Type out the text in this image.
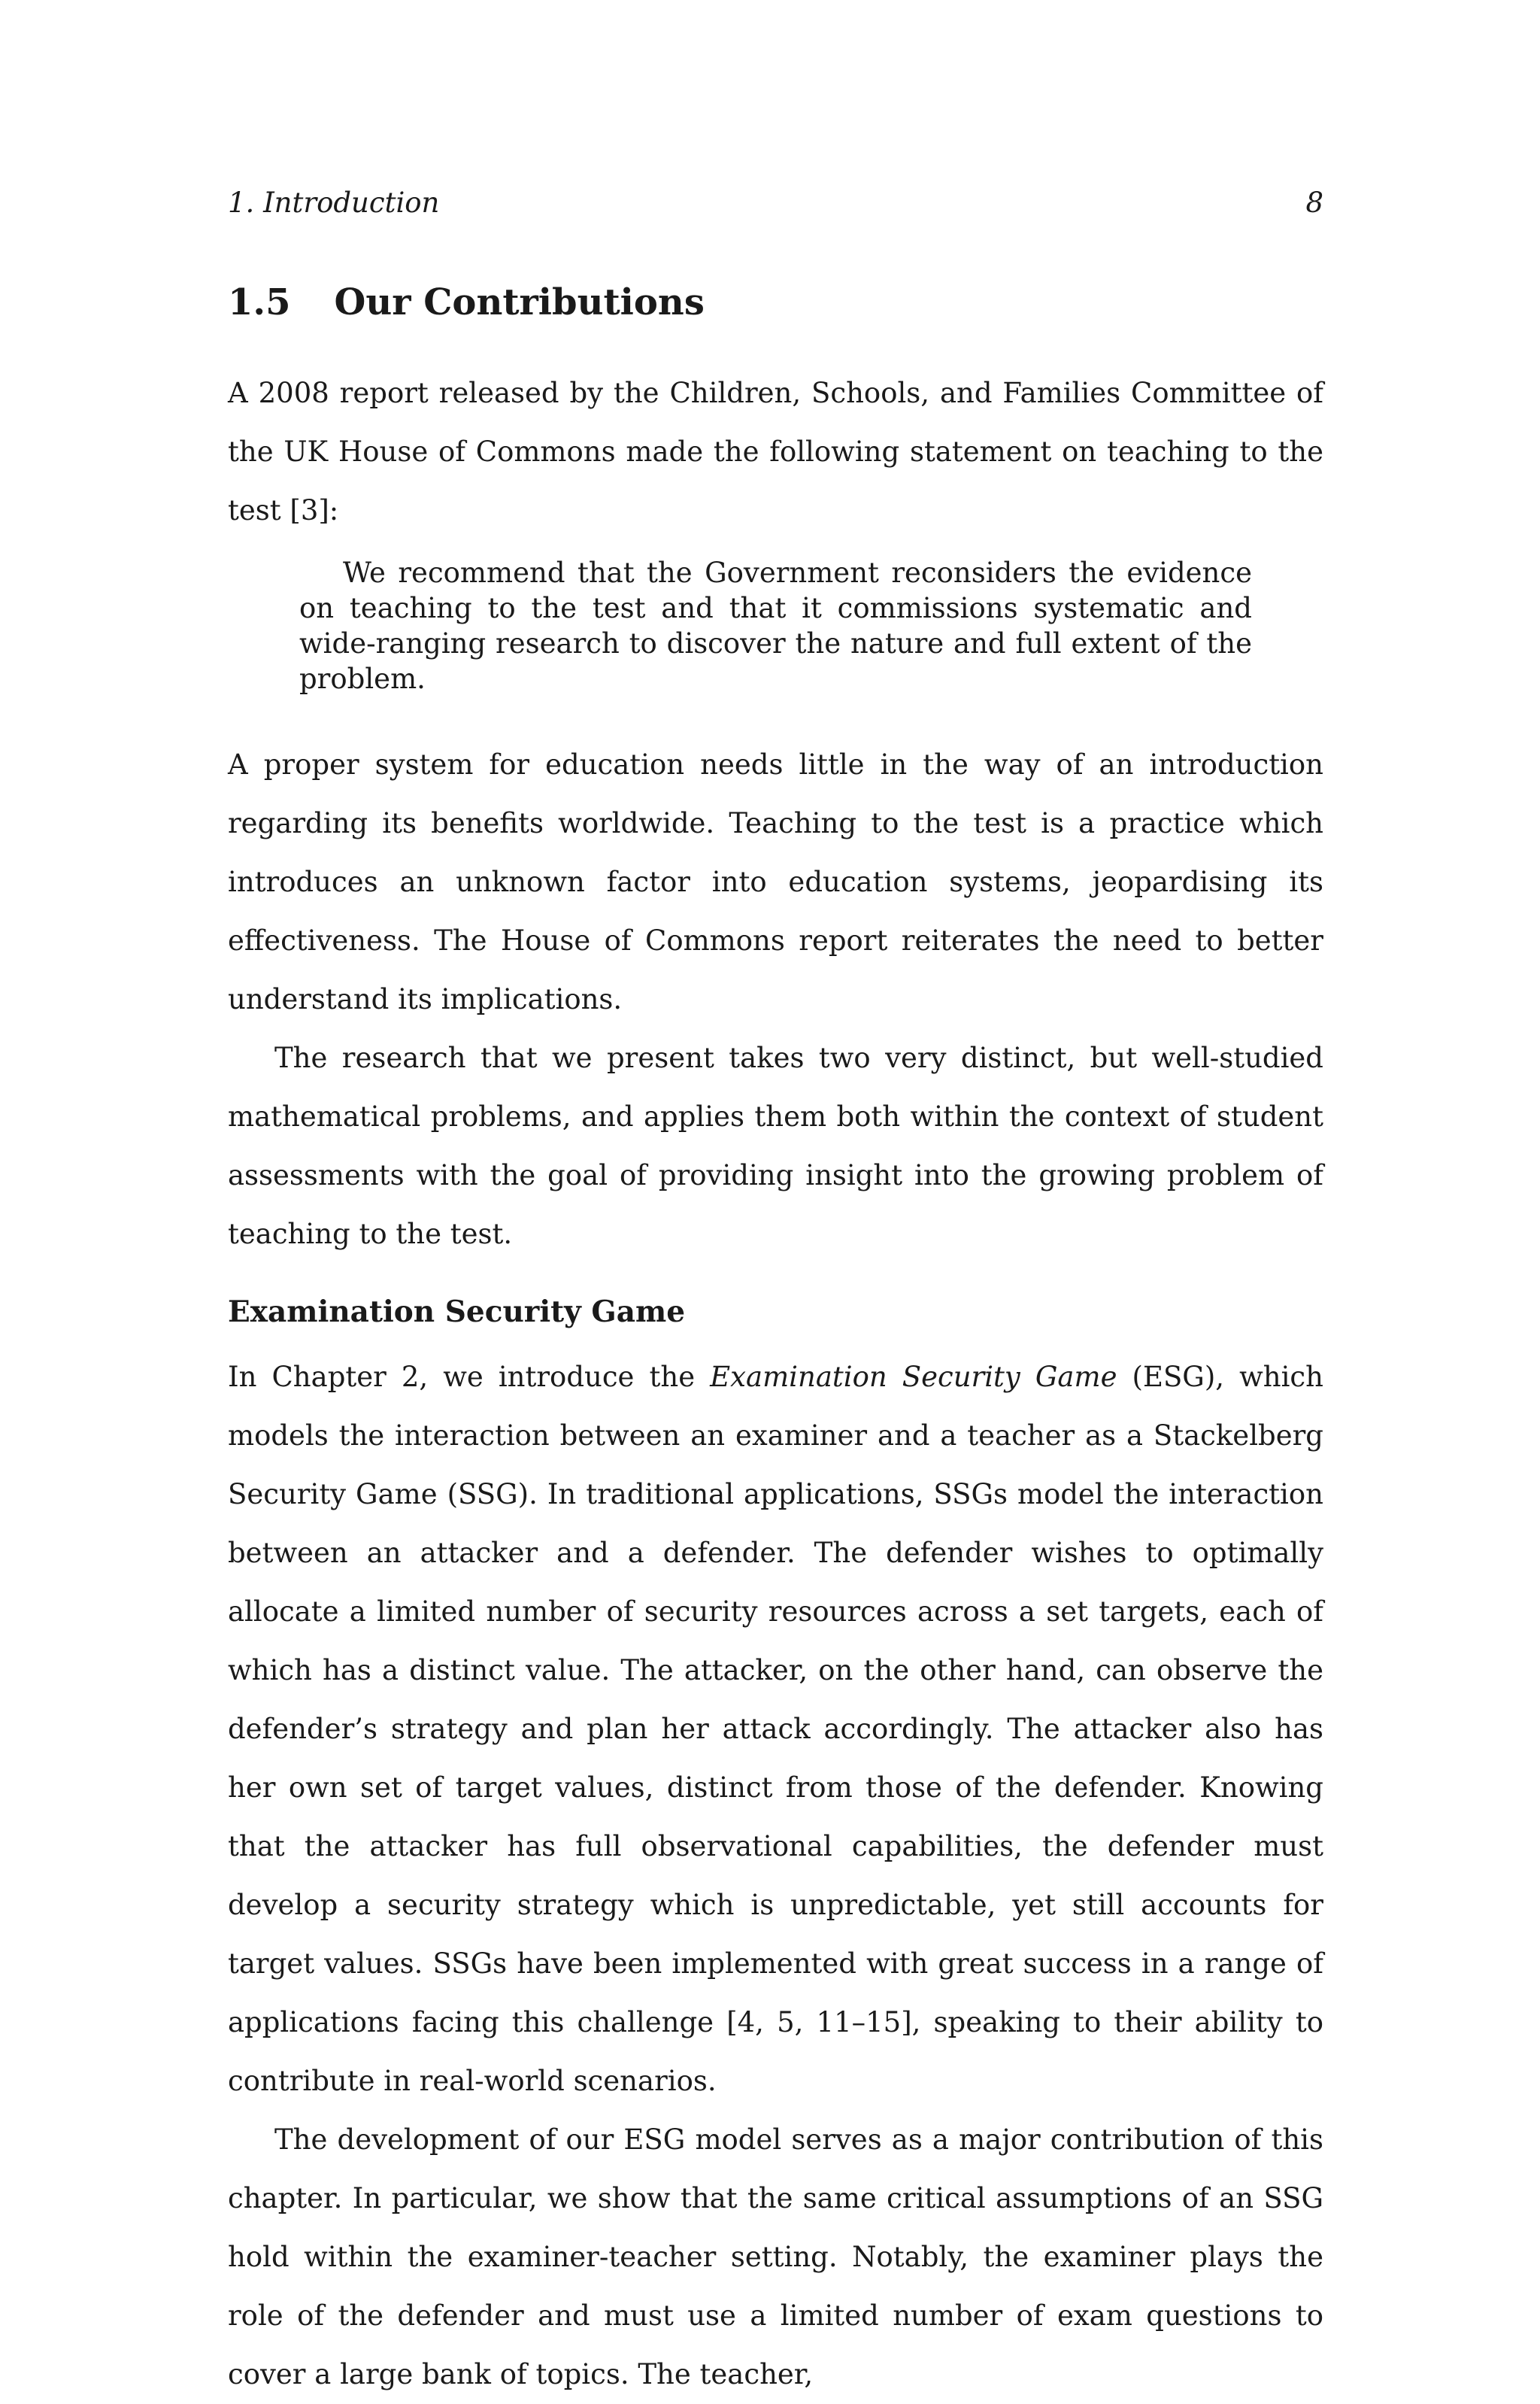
1. Introduction	8
1.5 Our Contributions

A 2008 report released by the Children, Schools, and Families Committee of the UK House of Commons made the following statement on teaching to the test [3]:

We recommend that the Government reconsiders the evidence on teaching to the test and that it commissions systematic and wide-ranging research to discover the nature and full extent of the problem.

A proper system for education needs little in the way of an introduction regarding its benefits worldwide. Teaching to the test is a practice which introduces an unknown factor into education systems, jeopardising its effectiveness. The House of Commons report reiterates the need to better understand its implications.

The research that we present takes two very distinct, but well-studied mathematical problems, and applies them both within the context of student assessments with the goal of providing insight into the growing problem of teaching to the test.

Examination Security Game

In Chapter 2, we introduce the Examination Security Game (ESG), which models the interaction between an examiner and a teacher as a Stackelberg Security Game (SSG). In traditional applications, SSGs model the interaction between an attacker and a defender. The defender wishes to optimally allocate a limited number of security resources across a set targets, each of which has a distinct value. The attacker, on the other hand, can observe the defender’s strategy and plan her attack accordingly. The attacker also has her own set of target values, distinct from those of the defender. Knowing that the attacker has full observational capabilities, the defender must develop a security strategy which is unpredictable, yet still accounts for target values. SSGs have been implemented with great success in a range of applications facing this challenge [4, 5, 11–15], speaking to their ability to contribute in real-world scenarios.

The development of our ESG model serves as a major contribution of this chapter. In particular, we show that the same critical assumptions of an SSG hold within the examiner-teacher setting. Notably, the examiner plays the role of the defender and must use a limited number of exam questions to cover a large bank of topics. The teacher,
